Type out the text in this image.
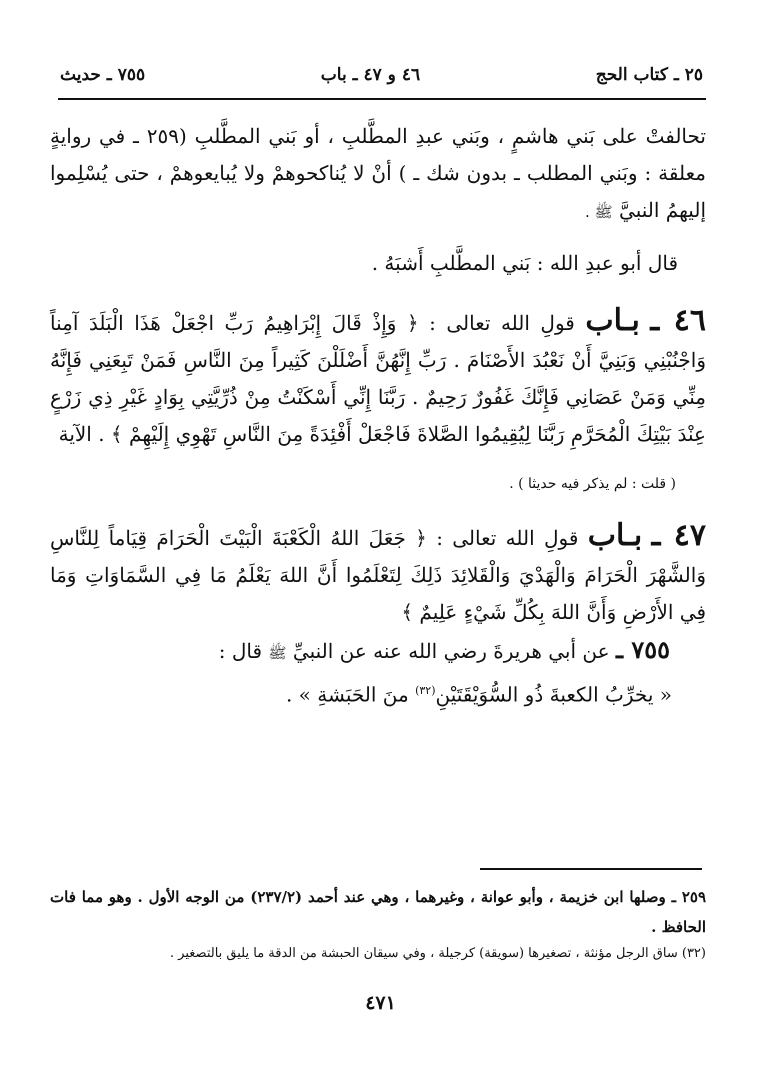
٢٥ ـ كتاب الحج
٤٦ و ٤٧ ـ باب
٧٥٥ ـ حديث

تحالفتْ على بَني هاشمٍ ، وبَني عبدِ المطَّلبِ ، أو بَني المطَّلبِ (٢٥٩ ـ في روايةٍ معلقة : وبَني المطلب ـ بدون شك ـ ) أنْ لا يُناكحوهمْ ولا يُبايعوهمْ ، حتى يُسْلِموا إليهمُ النبيَّ ﷺ .

قال أبو عبدِ الله : بَني المطَّلبِ أَشبَهُ .

٤٦ ـ بـاب قولِ الله تعالى : ﴿ وَإِذْ قَالَ إِبْرَاهِيمُ رَبِّ اجْعَلْ هَذَا الْبَلَدَ آمِناً وَاجْنُبْنِي وَبَنِيَّ أَنْ نَعْبُدَ الأَصْنَامَ . رَبِّ إِنَّهُنَّ أَضْلَلْنَ كَثِيراً مِنَ النَّاسِ فَمَنْ تَبِعَنِي فَإِنَّهُ مِنِّي وَمَنْ عَصَانِي فَإِنَّكَ غَفُورٌ رَحِيمٌ . رَبَّنَا إِنِّي أَسْكَنْتُ مِنْ ذُرِّيَّتِي بِوَادٍ غَيْرِ ذِي زَرْعٍ عِنْدَ بَيْتِكَ الْمُحَرَّمِ رَبَّنَا لِيُقِيمُوا الصَّلاةَ فَاجْعَلْ أَفْئِدَةً مِنَ النَّاسِ تَهْوِي إِلَيْهِمْ ﴾ . الآية

( قلت : لم يذكر فيه حديثا ) .

٤٧ ـ بـاب قولِ الله تعالى : ﴿ جَعَلَ اللهُ الْكَعْبَةَ الْبَيْتَ الْحَرَامَ قِيَاماً لِلنَّاسِ وَالشَّهْرَ الْحَرَامَ وَالْهَدْيَ وَالْقَلائِدَ ذَلِكَ لِتَعْلَمُوا أَنَّ اللهَ يَعْلَمُ مَا فِي السَّمَاوَاتِ وَمَا فِي الأَرْضِ وَأَنَّ اللهَ بِكُلِّ شَيْءٍ عَلِيمٌ ﴾

٧٥٥ ـ عن أبي هريرةَ رضي الله عنه عن النبيِّ ﷺ قال :

« يخرِّبُ الكعبةَ ذُو السُّوَيْقَتَيْنِ$^{(٣٢)}$ منَ الحَبَشةِ » .

٢٥٩ ـ وصلها ابن خزيمة ، وأبو عوانة ، وغيرهما ، وهي عند أحمد (٢٣٧/٢) من الوجه الأول . وهو مما فات الحافظ .

(٣٢) ساق الرجل مؤنثة ، تصغيرها (سويقة) كرجيلة ، وفي سيقان الحبشة من الدقة ما يليق بالتصغير .

٤٧١
